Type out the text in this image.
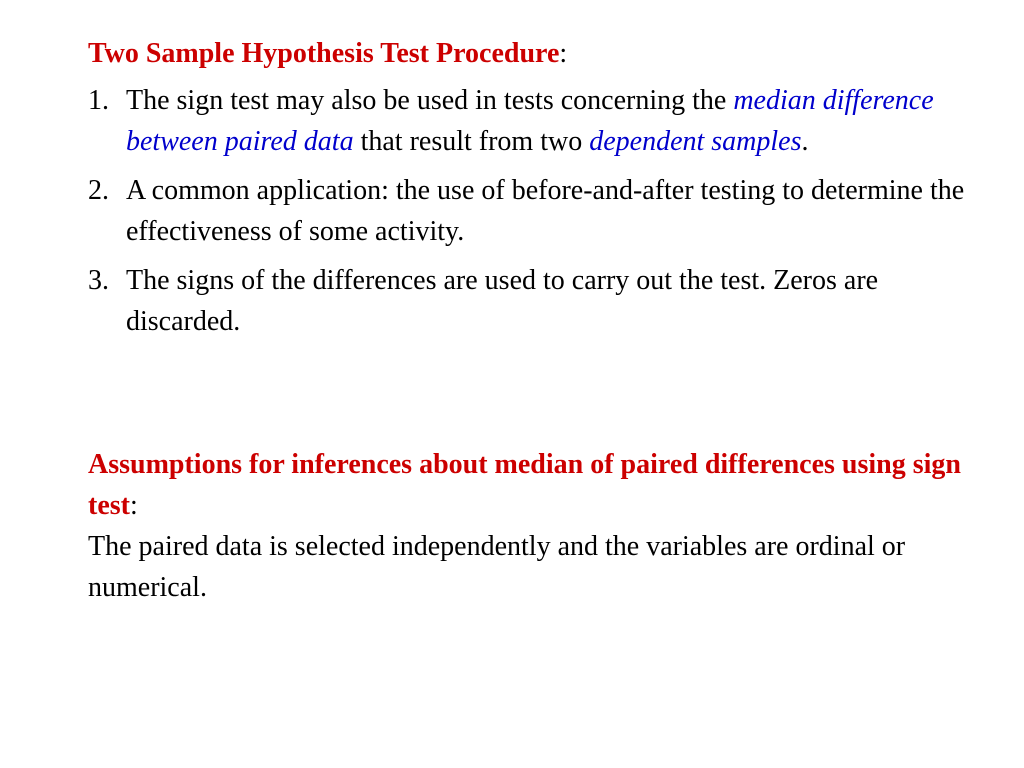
Two Sample Hypothesis Test Procedure:
1. The sign test may also be used in tests concerning the median difference between paired data that result from two dependent samples.
2. A common application: the use of before-and-after testing to determine the effectiveness of some activity.
3. The signs of the differences are used to carry out the test. Zeros are discarded.
Assumptions for inferences about median of paired differences using sign test:
The paired data is selected independently and the variables are ordinal or numerical.
